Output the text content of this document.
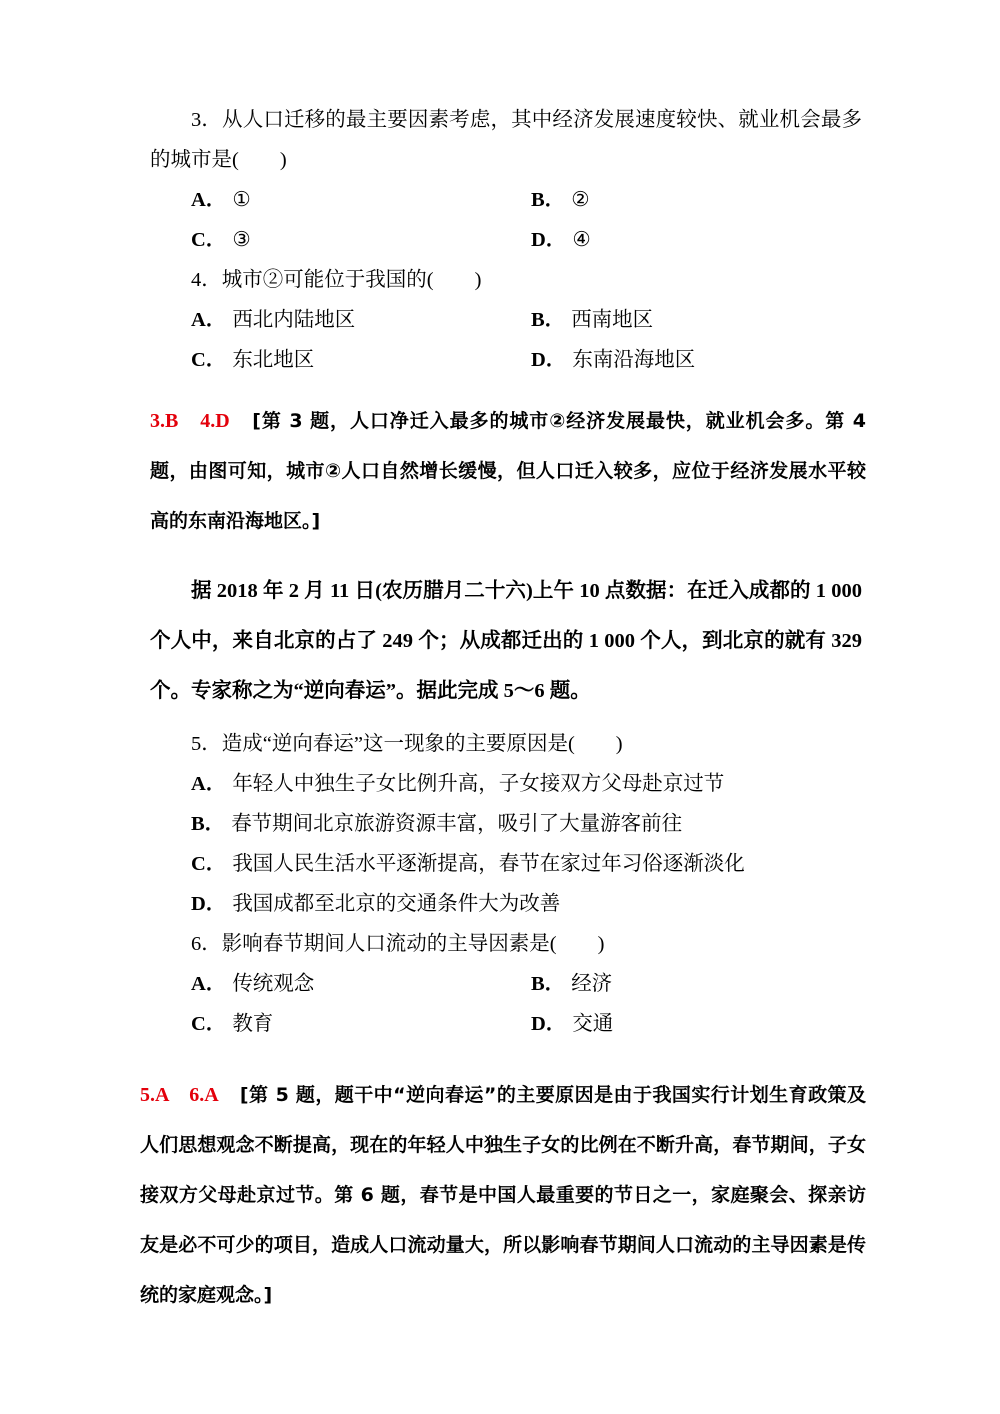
3．从人口迁移的最主要因素考虑，其中经济发展速度较快、就业机会最多的城市是(　　)

A． ①	B． ②
C． ③	D． ④

4．城市②可能位于我国的(　　)

A． 西北内陆地区	B． 西南地区
C． 东北地区	D． 东南沿海地区

3.B　4.D [第 3 题，人口净迁入最多的城市②经济发展最快，就业机会多。第 4 题，由图可知，城市②人口自然增长缓慢，但人口迁入较多，应位于经济发展水平较高的东南沿海地区。]

据 2018 年 2 月 11 日(农历腊月二十六)上午 10 点数据：在迁入成都的 1 000 个人中，来自北京的占了 249 个；从成都迁出的 1 000 个人，到北京的就有 329 个。专家称之为“逆向春运”。据此完成 5～6 题。

5．造成“逆向春运”这一现象的主要原因是(　　)

A． 年轻人中独生子女比例升高，子女接双方父母赴京过节
B． 春节期间北京旅游资源丰富，吸引了大量游客前往
C． 我国人民生活水平逐渐提高，春节在家过年习俗逐渐淡化
D． 我国成都至北京的交通条件大为改善

6．影响春节期间人口流动的主导因素是(　　)

A． 传统观念	B． 经济
C． 教育	D． 交通

5.A　6.A [第 5 题，题干中“逆向春运”的主要原因是由于我国实行计划生育政策及人们思想观念不断提高，现在的年轻人中独生子女的比例在不断升高，春节期间，子女接双方父母赴京过节。第 6 题，春节是中国人最重要的节日之一，家庭聚会、探亲访友是必不可少的项目，造成人口流动量大，所以影响春节期间人口流动的主导因素是传统的家庭观念。]
